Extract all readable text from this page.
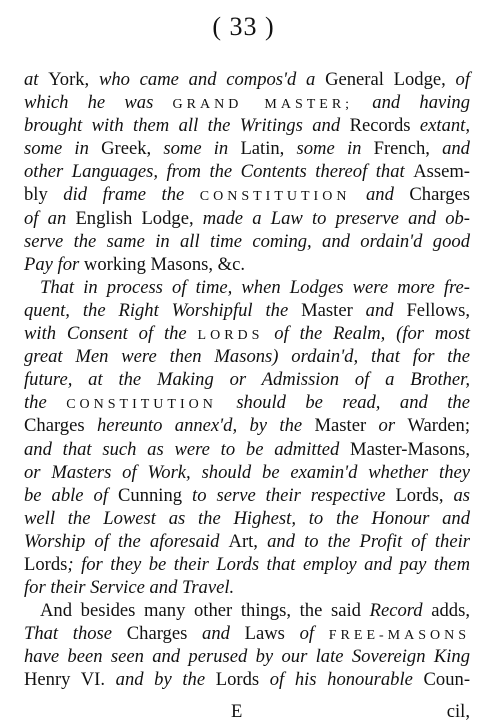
( 33 )
at York, who came and compos'd a General Lodge, of
which he was GRAND MASTER; and having
brought with them all the Writings and Records extant,
some in Greek, some in Latin, some in French, and
other Languages, from the Contents thereof that Assem-
bly did frame the CONSTITUTION and Charges
of an English Lodge, made a Law to preserve and ob-
serve the same in all time coming, and ordain'd good
Pay for working Masons, &c.
That in process of time, when Lodges were more fre-
quent, the Right Worshipful the Master and Fellows,
with Consent of the LORDS of the Realm, (for most
great Men were then Masons) ordain'd, that for the
future, at the Making or Admission of a Brother,
the CONSTITUTION should be read, and the
Charges hereunto annex'd, by the Master or Warden;
and that such as were to be admitted Master-Masons,
or Masters of Work, should be examin'd whether they
be able of Cunning to serve their respective Lords, as
well the Lowest as the Highest, to the Honour and
Worship of the aforesaid Art, and to the Profit of their
Lords; for they be their Lords that employ and pay them
for their Service and Travel.
And besides many other things, the said Record adds,
That those Charges and Laws of FREE-MASONS
have been seen and perused by our late Sovereign King
Henry VI. and by the Lords of his honourable Coun-
E	cil,
